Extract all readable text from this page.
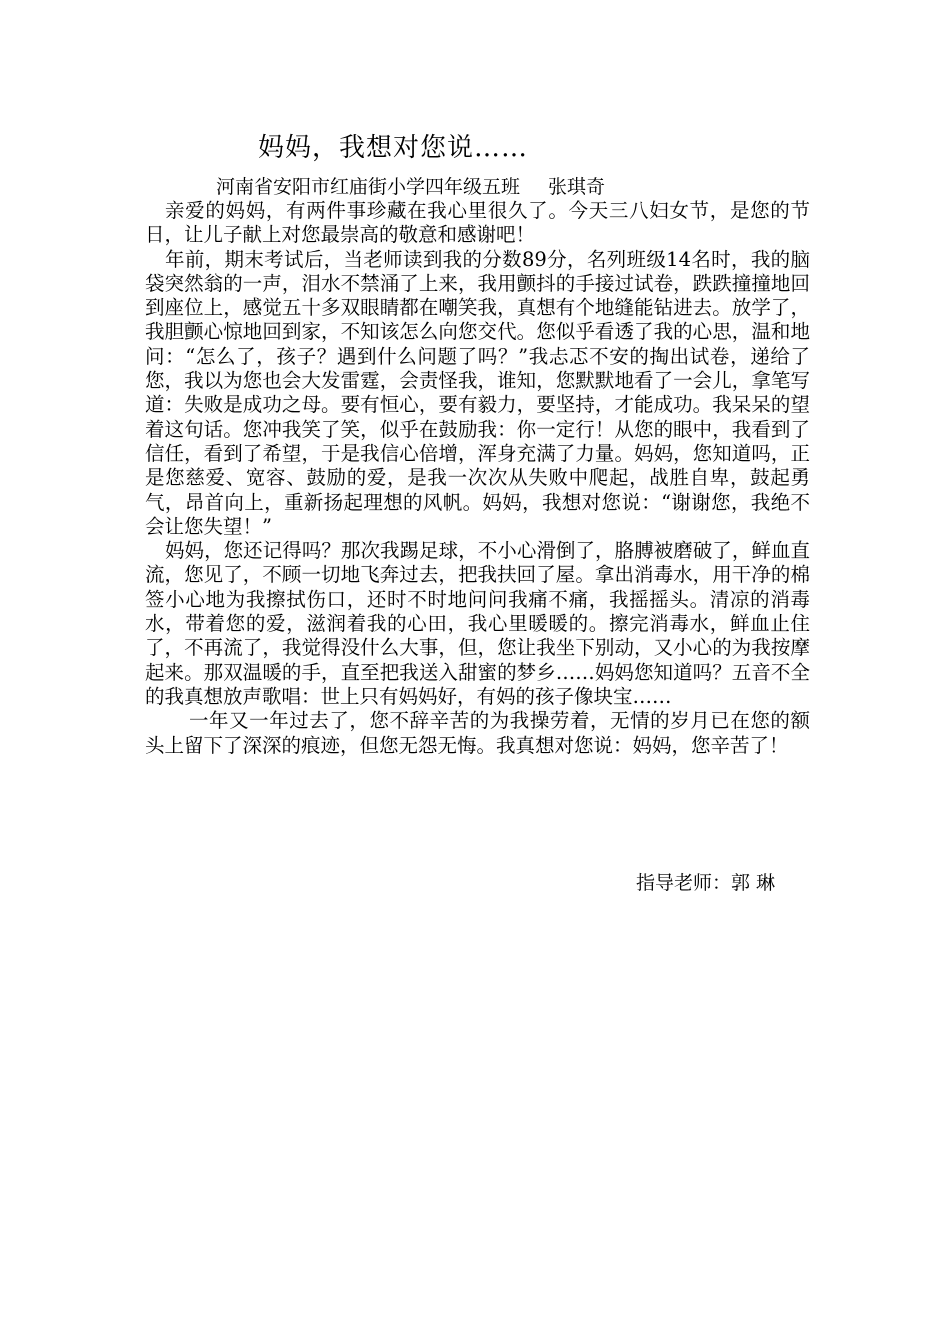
妈妈，我想对您说……
河南省安阳市红庙街小学四年级五班 张琪奇

亲爱的妈妈，有两件事珍藏在我心里很久了。今天三八妇女节，是您的节日，让儿子献上对您最崇高的敬意和感谢吧！

年前，期末考试后，当老师读到我的分数89分，名列班级14名时，我的脑袋突然翁的一声，泪水不禁涌了上来，我用颤抖的手接过试卷，跌跌撞撞地回到座位上，感觉五十多双眼睛都在嘲笑我，真想有个地缝能钻进去。放学了，我胆颤心惊地回到家，不知该怎么向您交代。您似乎看透了我的心思，温和地问：“怎么了，孩子？遇到什么问题了吗？”我忐忑不安的掏出试卷，递给了您，我以为您也会大发雷霆，会责怪我，谁知，您默默地看了一会儿，拿笔写道：失败是成功之母。要有恒心，要有毅力，要坚持，才能成功。我呆呆的望着这句话。您冲我笑了笑，似乎在鼓励我：你一定行！从您的眼中，我看到了信任，看到了希望，于是我信心倍增，浑身充满了力量。妈妈，您知道吗，正是您慈爱、宽容、鼓励的爱，是我一次次从失败中爬起，战胜自卑，鼓起勇气，昂首向上，重新扬起理想的风帆。妈妈，我想对您说：“谢谢您，我绝不会让您失望！”

妈妈，您还记得吗？那次我踢足球，不小心滑倒了，胳膊被磨破了，鲜血直流，您见了，不顾一切地飞奔过去，把我扶回了屋。拿出消毒水，用干净的棉签小心地为我擦拭伤口，还时不时地问问我痛不痛，我摇摇头。清凉的消毒水，带着您的爱，滋润着我的心田，我心里暖暖的。擦完消毒水，鲜血止住了，不再流了，我觉得没什么大事，但，您让我坐下别动，又小心的为我按摩起来。那双温暖的手，直至把我送入甜蜜的梦乡……妈妈您知道吗？五音不全的我真想放声歌唱：世上只有妈妈好，有妈的孩子像块宝……

一年又一年过去了，您不辞辛苦的为我操劳着，无情的岁月已在您的额头上留下了深深的痕迹，但您无怨无悔。我真想对您说：妈妈，您辛苦了！

指导老师：郭 琳
